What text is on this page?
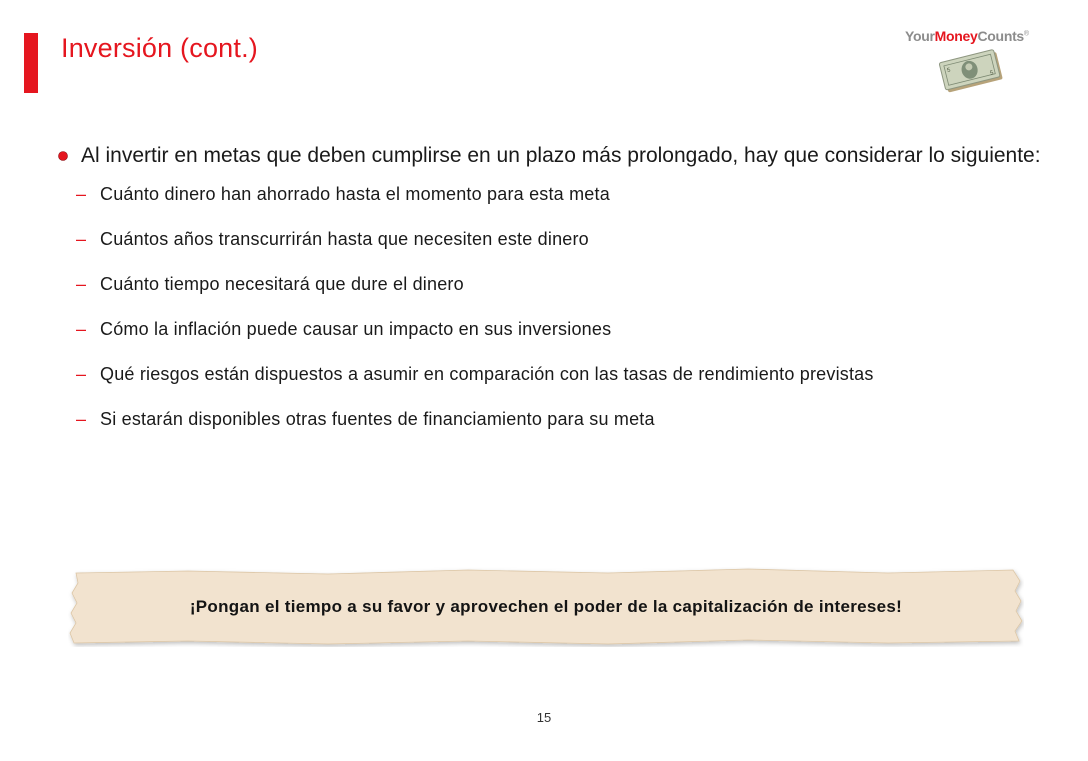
Inversión (cont.)	YourMoneyCounts®
5	5
Al invertir en metas que deben cumplirse en un plazo más prolongado, hay que considerar lo siguiente:
– Cuánto dinero han ahorrado hasta el momento para esta meta
– Cuántos años transcurrirán hasta que necesiten este dinero
– Cuánto tiempo necesitará que dure el dinero
– Cómo la inflación puede causar un impacto en sus inversiones
– Qué riesgos están dispuestos a asumir en comparación con las tasas de rendimiento previstas
– Si estarán disponibles otras fuentes de financiamiento para su meta
¡Pongan el tiempo a su favor y aprovechen el poder de la capitalización de intereses!
15
